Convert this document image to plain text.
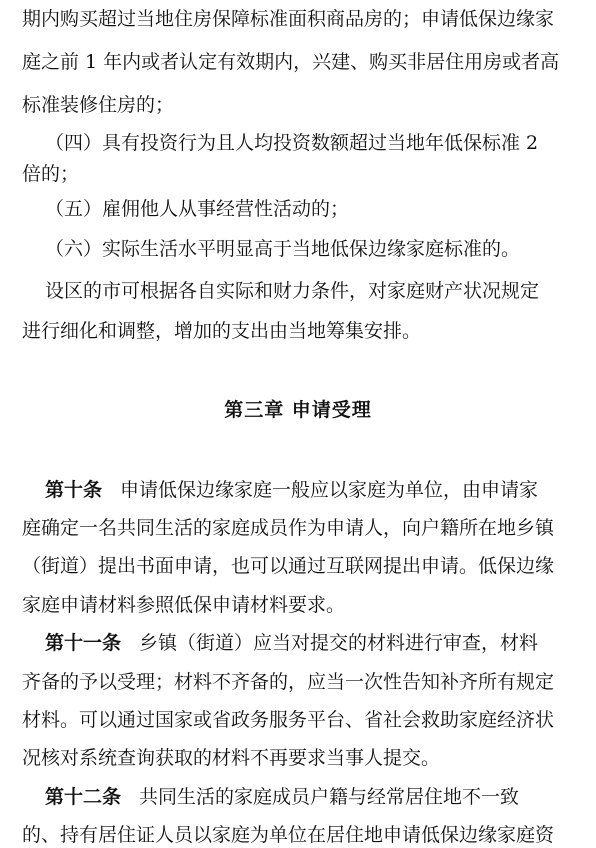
期内购买超过当地住房保障标准面积商品房的；申请低保边缘家
庭之前 1 年内或者认定有效期内，兴建、购买非居住用房或者高
标准装修住房的；
（四）具有投资行为且人均投资数额超过当地年低保标准 2
倍的；
（五）雇佣他人从事经营性活动的；
（六）实际生活水平明显高于当地低保边缘家庭标准的。
设区的市可根据各自实际和财力条件，对家庭财产状况规定
进行细化和调整，增加的支出由当地筹集安排。
第三章 申请受理
第十条 申请低保边缘家庭一般应以家庭为单位，由申请家
庭确定一名共同生活的家庭成员作为申请人，向户籍所在地乡镇
（街道）提出书面申请，也可以通过互联网提出申请。低保边缘
家庭申请材料参照低保申请材料要求。
第十一条 乡镇（街道）应当对提交的材料进行审查，材料
齐备的予以受理；材料不齐备的，应当一次性告知补齐所有规定
材料。可以通过国家或省政务服务平台、省社会救助家庭经济状
况核对系统查询获取的材料不再要求当事人提交。
第十二条 共同生活的家庭成员户籍与经常居住地不一致
的、持有居住证人员以家庭为单位在居住地申请低保边缘家庭资
